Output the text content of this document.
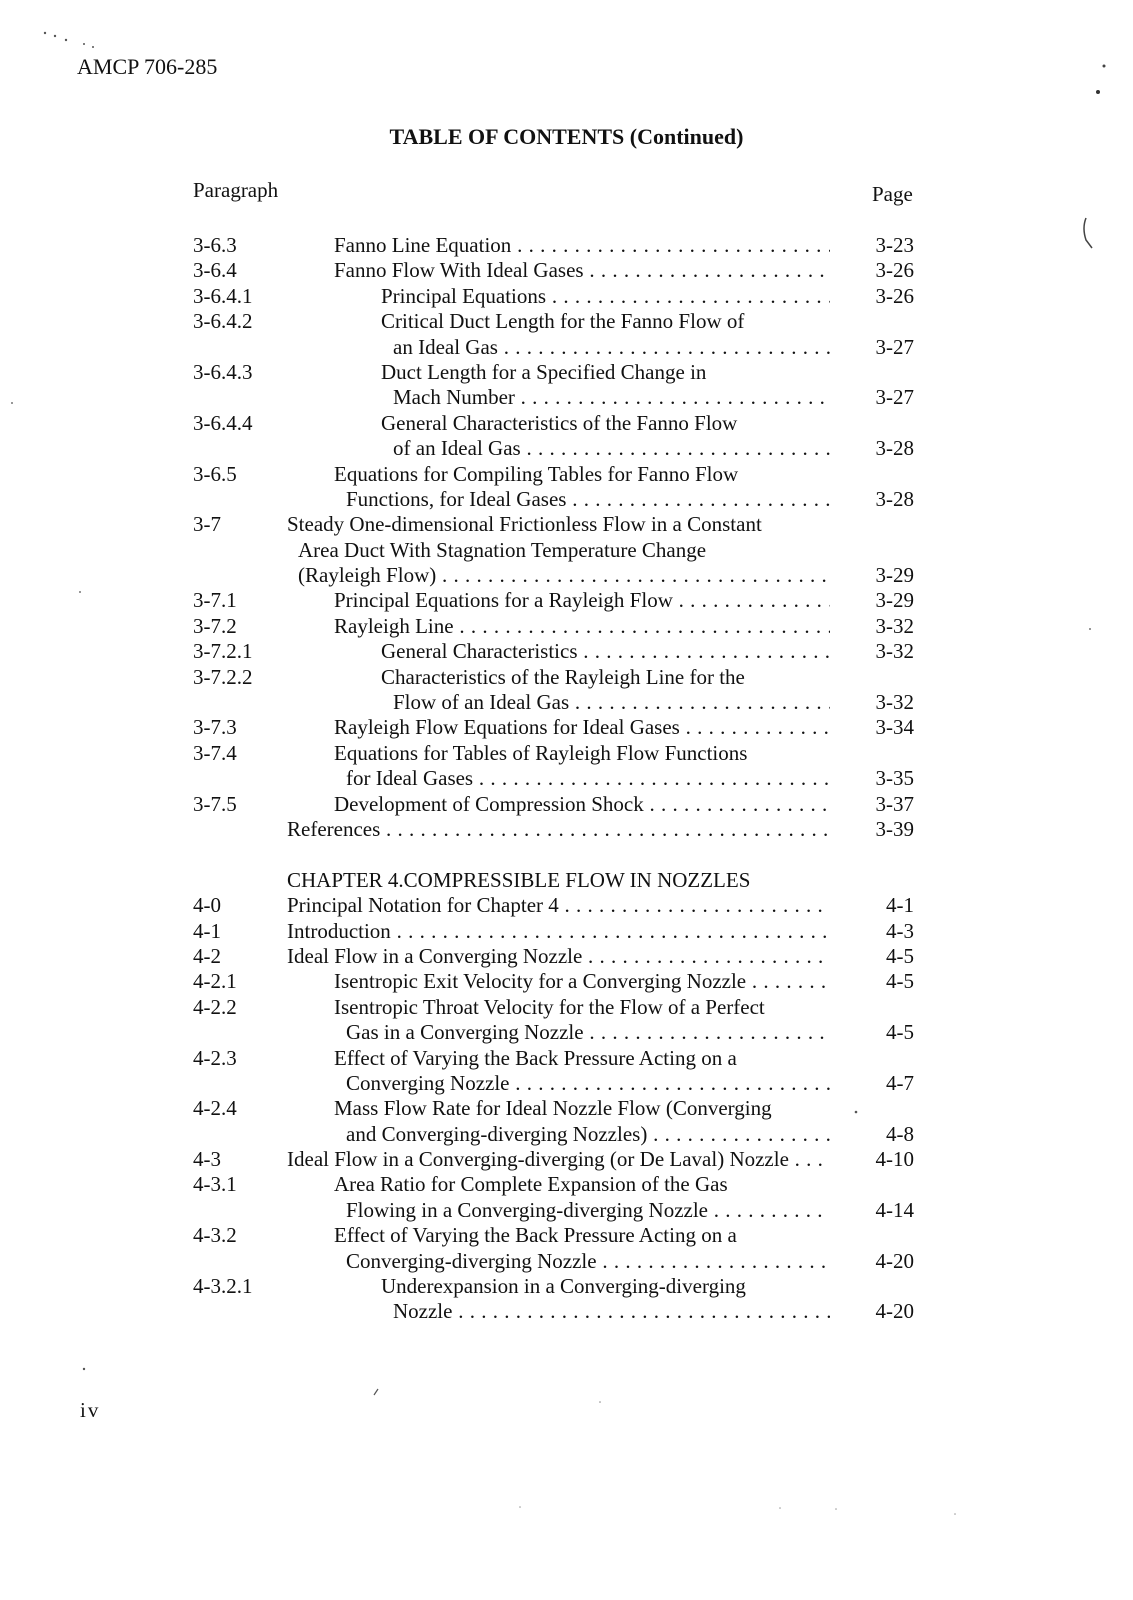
AMCP 706-285
TABLE OF CONTENTS (Continued)
Paragraph	Page
3-6.3	Fanno Line Equation . . .	3-23
3-6.4	Fanno Flow With Ideal Gases . . .	3-26
3-6.4.1	Principal Equations . . .	3-26
3-6.4.2	Critical Duct Length for the Fanno Flow of
an Ideal Gas . . .	3-27
3-6.4.3	Duct Length for a Specified Change in
Mach Number . . .	3-27
3-6.4.4	General Characteristics of the Fanno Flow
of an Ideal Gas . . .	3-28
3-6.5	Equations for Compiling Tables for Fanno Flow
Functions, for Ideal Gases . . .	3-28
3-7	Steady One-dimensional Frictionless Flow in a Constant
Area Duct With Stagnation Temperature Change
(Rayleigh Flow) . . .	3-29
3-7.1	Principal Equations for a Rayleigh Flow . . .	3-29
3-7.2	Rayleigh Line . . .	3-32
3-7.2.1	General Characteristics . . .	3-32
3-7.2.2	Characteristics of the Rayleigh Line for the
Flow of an Ideal Gas . . .	3-32
3-7.3	Rayleigh Flow Equations for Ideal Gases . . .	3-34
3-7.4	Equations for Tables of Rayleigh Flow Functions
for Ideal Gases . . .	3-35
3-7.5	Development of Compression Shock . . .	3-37
References . . .	3-39
CHAPTER 4.COMPRESSIBLE FLOW IN NOZZLES
4-0	Principal Notation for Chapter 4 . . .	4-1
4-1	Introduction . . .	4-3
4-2	Ideal Flow in a Converging Nozzle . . .	4-5
4-2.1	Isentropic Exit Velocity for a Converging Nozzle . . .	4-5
4-2.2	Isentropic Throat Velocity for the Flow of a Perfect
Gas in a Converging Nozzle . . .	4-5
4-2.3	Effect of Varying the Back Pressure Acting on a
Converging Nozzle . . .	4-7
4-2.4	Mass Flow Rate for Ideal Nozzle Flow (Converging
and Converging-diverging Nozzles) . . .	4-8
4-3	Ideal Flow in a Converging-diverging (or De Laval) Nozzle . . .	4-10
4-3.1	Area Ratio for Complete Expansion of the Gas
Flowing in a Converging-diverging Nozzle . . .	4-14
4-3.2	Effect of Varying the Back Pressure Acting on a
Converging-diverging Nozzle . . .	4-20
4-3.2.1	Underexpansion in a Converging-diverging
Nozzle . . .	4-20
iv
